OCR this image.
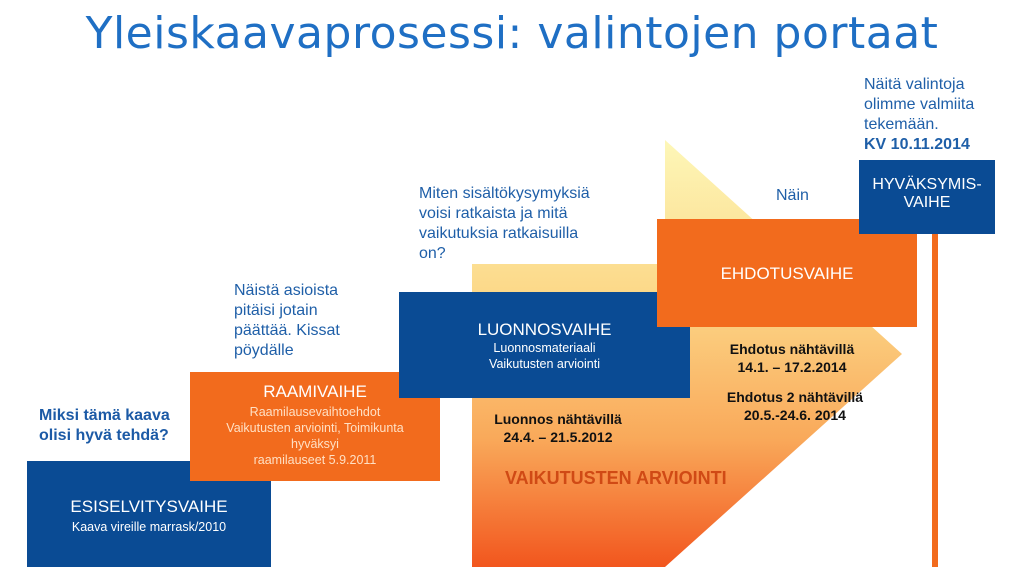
Yleiskaavaprosessi: valintojen portaat
VAIKUTUSTEN ARVIOINTI
ESISELVITYSVAIHE
Kaava vireille marrask/2010
RAAMIVAIHE
Raamilausevaihtoehdot
Vaikutusten arviointi, Toimikunta hyväksyi
raamilauseet 5.9.2011
LUONNOSVAIHE
Luonnosmateriaali
Vaikutusten arviointi
EHDOTUSVAIHE
HYVÄKSYMIS-
VAIHE
Miksi tämä kaava
olisi hyvä tehdä?
Näistä asioista
pitäisi jotain
päättää. Kissat
pöydälle
Miten sisältökysymyksiä
voisi ratkaista ja mitä
vaikutuksia ratkaisuilla
on?
Näin
Näitä valintoja
olimme valmiita
tekemään.
KV 10.11.2014
Luonnos nähtävillä
24.4. – 21.5.2012
Ehdotus nähtävillä
14.1. – 17.2.2014
Ehdotus 2 nähtävillä
20.5.-24.6. 2014
